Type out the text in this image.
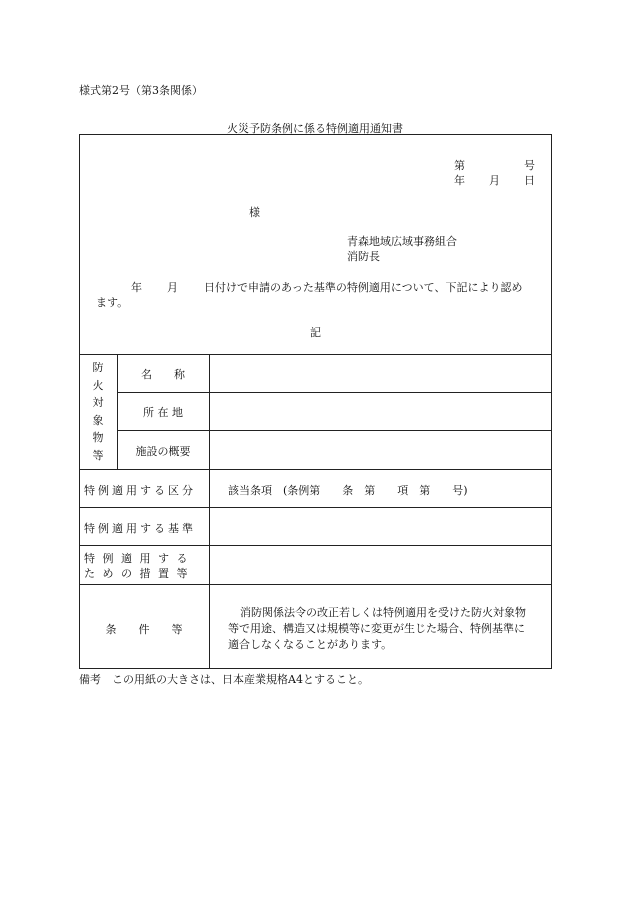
様式第2号（第3条関係）
火災予防条例に係る特例適用通知書
第	号
年 月 日
様
青森地域広域事務組合
消防長
年 月 日付けで申請のあった基準の特例適用について、下記により認め
ます。
記
防
火
対
象
物
等
名　　称
所 在 地
施設の概要
特例適用する区分	該当条項　(条例第　　条　第　　項　第　　号)
特例適用する基準
特 例 適 用 す る
た め の 措 置 等
条　　件　　等
消防関係法令の改正若しくは特例適用を受けた防火対象物
等で用途、構造又は規模等に変更が生じた場合、特例基準に
適合しなくなることがあります。
備考　この用紙の大きさは、日本産業規格A4とすること。
